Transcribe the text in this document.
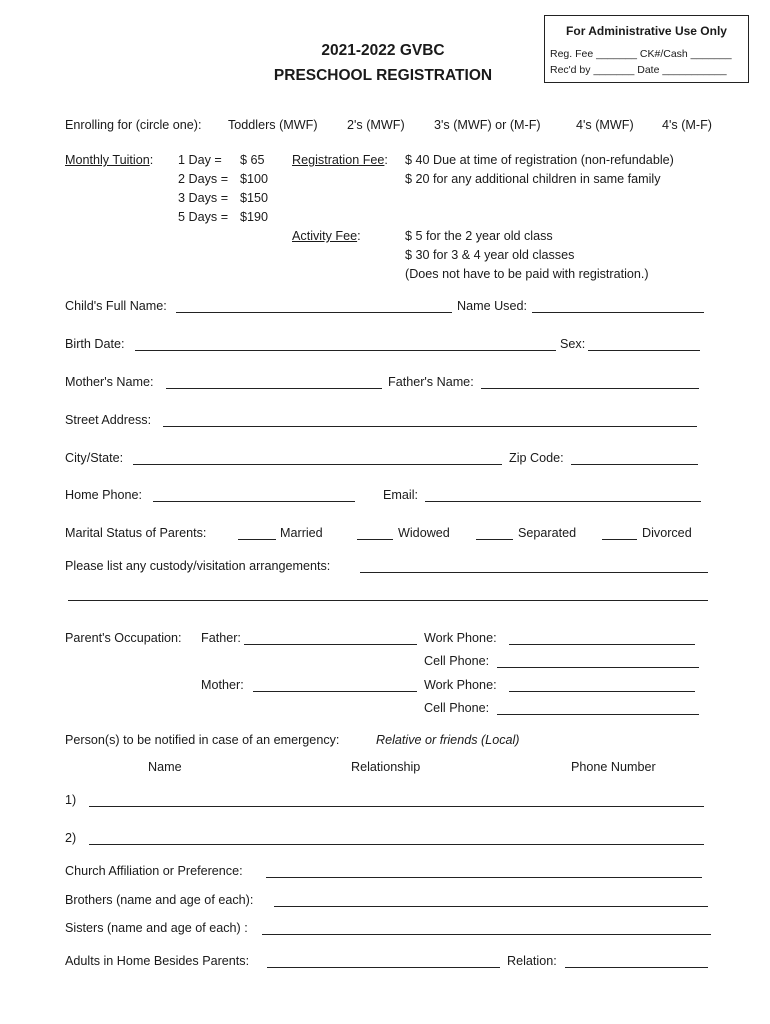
2021-2022 GVBC
PRESCHOOL REGISTRATION
For Administrative Use Only
Reg. Fee _______ CK#/Cash _______
Rec'd by _______ Date ___________
Enrolling for (circle one): Toddlers (MWF) 2's (MWF) 3's (MWF) or (M-F)	4's (MWF) 4's (M-F)
Monthly Tuition: 1 Day = $ 65
2 Days = $100
3 Days = $150
5 Days = $190
Registration Fee: $ 40 Due at time of registration (non-refundable)
$ 20 for any additional children in same family
Activity Fee:	$ 5 for the 2 year old class
$ 30 for 3 & 4 year old classes
(Does not have to be paid with registration.)
Child's Full Name:	Name Used:
Birth Date:	Sex:
Mother's Name:	Father's Name:
Street Address:
City/State:	Zip Code:
Home Phone:	Email:
Marital Status of Parents:	Married	Widowed	Separated	Divorced
Please list any custody/visitation arrangements:
Parent's Occupation: Father:	Work Phone:
Cell Phone:
Mother:	Work Phone:
Cell Phone:
Person(s) to be notified in case of an emergency:	Relative or friends (Local)
Name	Relationship	Phone Number
1)
2)
Church Affiliation or Preference:
Brothers (name and age of each):
Sisters (name and age of each) :
Adults in Home Besides Parents:	Relation:
